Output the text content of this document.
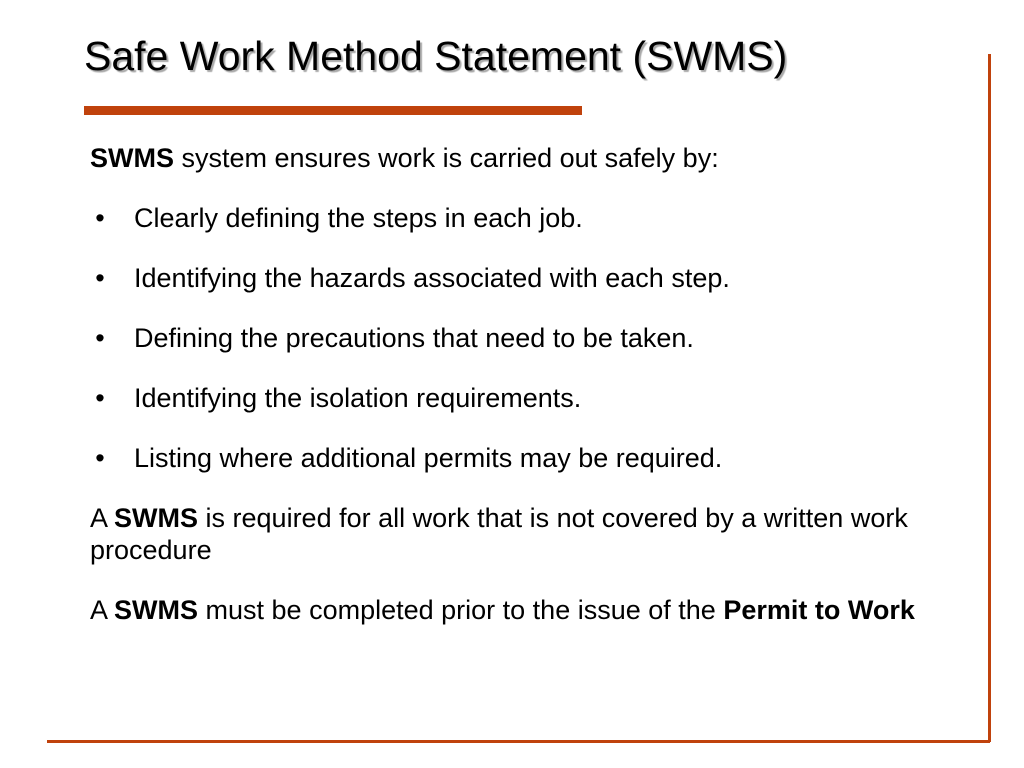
Safe Work Method Statement (SWMS)

SWMS system ensures work is carried out safely by:

• Clearly defining the steps in each job.
• Identifying the hazards associated with each step.
• Defining the precautions that need to be taken.
• Identifying the isolation requirements.
• Listing where additional permits may be required.

A SWMS is required for all work that is not covered by a written work procedure

A SWMS must be completed prior to the issue of the Permit to Work
